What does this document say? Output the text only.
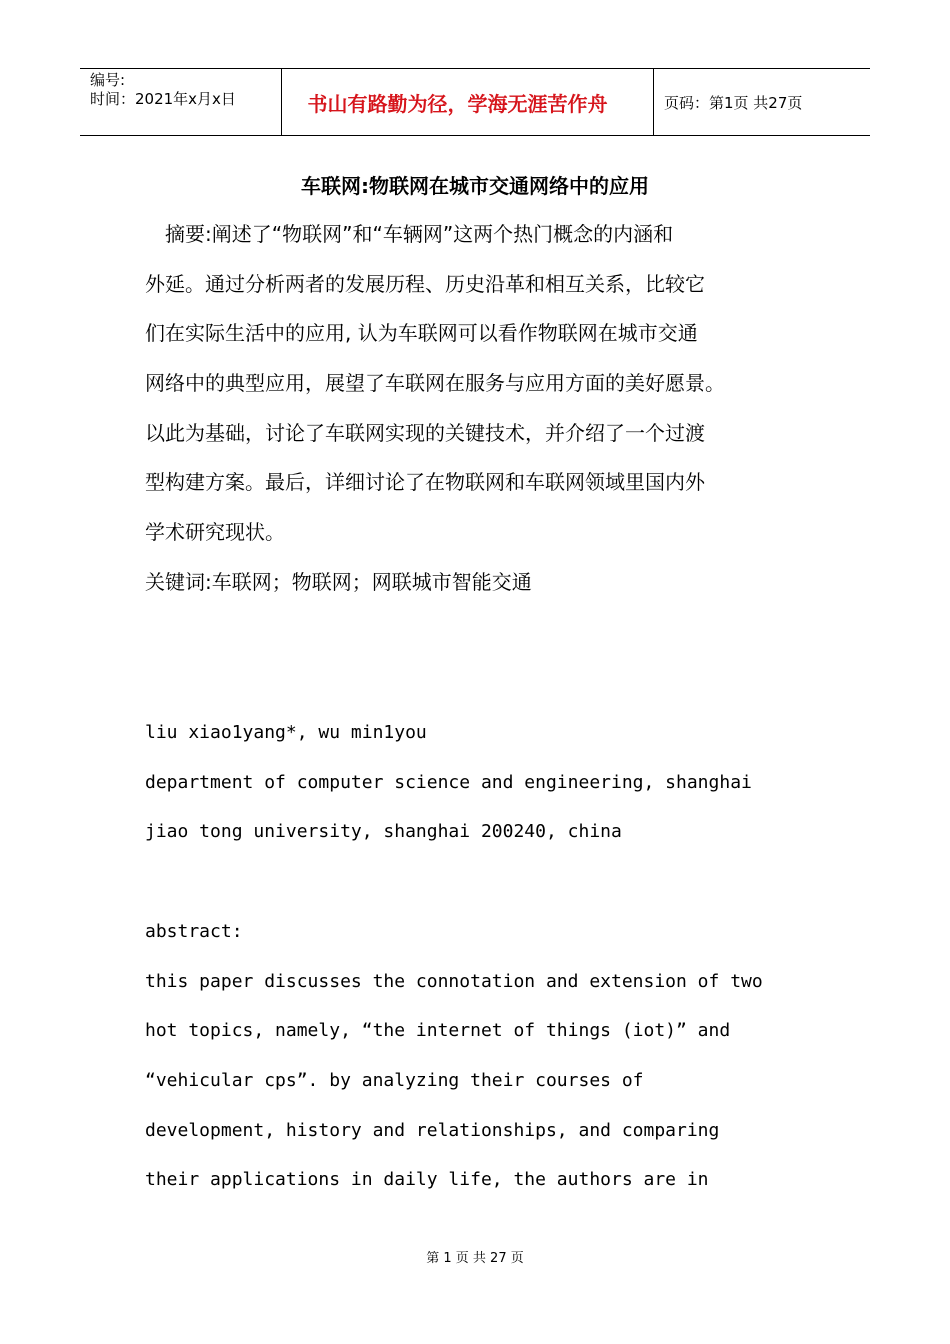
编号:
时间：2021年x月x日	书山有路勤为径，学海无涯苦作舟	页码：第1页 共27页
车联网:物联网在城市交通网络中的应用
　摘要:阐述了“物联网”和“车辆网”这两个热门概念的内涵和
外延。通过分析两者的发展历程、历史沿革和相互关系，比较它
们在实际生活中的应用, 认为车联网可以看作物联网在城市交通
网络中的典型应用，展望了车联网在服务与应用方面的美好愿景。
以此为基础，讨论了车联网实现的关键技术，并介绍了一个过渡
型构建方案。最后，详细讨论了在物联网和车联网领域里国内外
学术研究现状。
关键词:车联网；物联网；网联城市智能交通
liu xiao1yang*, wu min1you
department of computer science and engineering, shanghai
jiao tong university, shanghai 200240, china
abstract:
this paper discusses the connotation and extension of two
hot topics, namely, “the internet of things (iot)” and
“vehicular cps”. by analyzing their courses of
development, history and relationships, and comparing
their applications in daily life, the authors are in
第 1 页 共 27 页
